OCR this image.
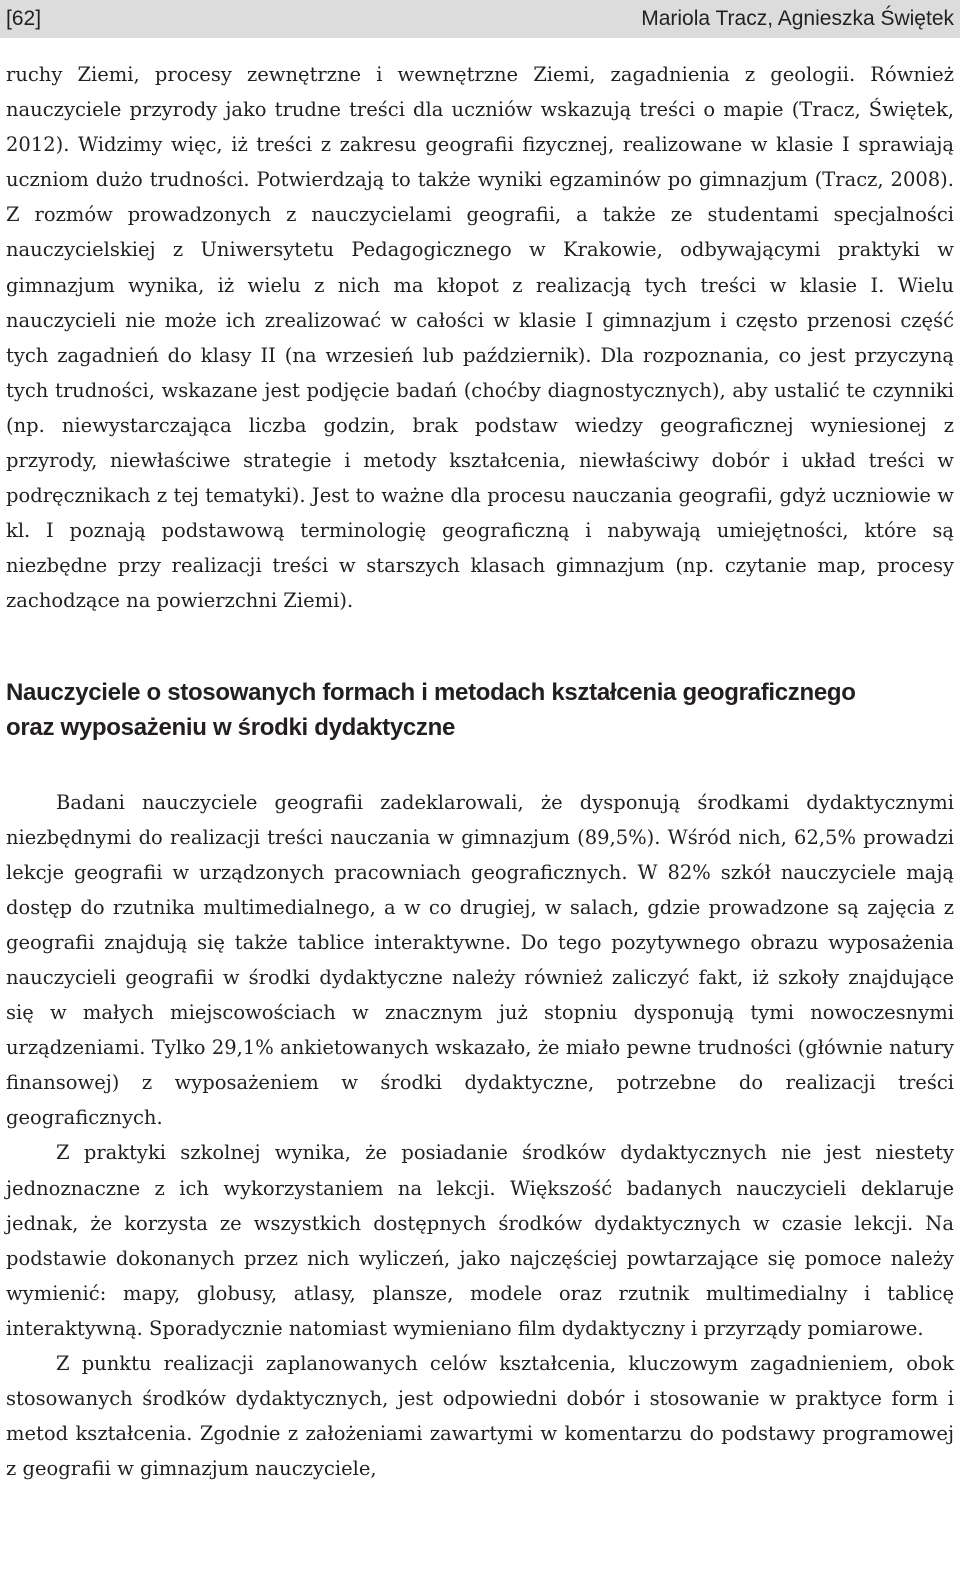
[62]	Mariola Tracz, Agnieszka Świętek

ruchy Ziemi, procesy zewnętrzne i wewnętrzne Ziemi, zagadnienia z geologii. Również nauczyciele przyrody jako trudne treści dla uczniów wskazują treści o mapie (Tracz, Świętek, 2012). Widzimy więc, iż treści z zakresu geografii fizycznej, realizowane w klasie I sprawiają uczniom dużo trudności. Potwierdzają to także wyniki egzaminów po gimnazjum (Tracz, 2008). Z rozmów prowadzonych z nauczycielami geografii, a także ze studentami specjalności nauczycielskiej z Uniwersytetu Pedagogicznego w Krakowie, odbywającymi praktyki w gimnazjum wynika, iż wielu z nich ma kłopot z realizacją tych treści w klasie I. Wielu nauczycieli nie może ich zrealizować w całości w klasie I gimnazjum i często przenosi część tych zagadnień do klasy II (na wrzesień lub październik). Dla rozpoznania, co jest przyczyną tych trudności, wskazane jest podjęcie badań (choćby diagnostycznych), aby ustalić te czynniki (np. niewystarczająca liczba godzin, brak podstaw wiedzy geograficznej wyniesionej z przyrody, niewłaściwe strategie i metody kształcenia, niewłaściwy dobór i układ treści w podręcznikach z tej tematyki). Jest to ważne dla procesu nauczania geografii, gdyż uczniowie w kl. I poznają podstawową terminologię geograficzną i nabywają umiejętności, które są niezbędne przy realizacji treści w starszych klasach gimnazjum (np. czytanie map, procesy zachodzące na powierzchni Ziemi).

Nauczyciele o stosowanych formach i metodach kształcenia geograficznego
oraz wyposażeniu w środki dydaktyczne

Badani nauczyciele geografii zadeklarowali, że dysponują środkami dydaktycznymi niezbędnymi do realizacji treści nauczania w gimnazjum (89,5%). Wśród nich, 62,5% prowadzi lekcje geografii w urządzonych pracowniach geograficznych. W 82% szkół nauczyciele mają dostęp do rzutnika multimedialnego, a w co drugiej, w salach, gdzie prowadzone są zajęcia z geografii znajdują się także tablice interaktywne. Do tego pozytywnego obrazu wyposażenia nauczycieli geografii w środki dydaktyczne należy również zaliczyć fakt, iż szkoły znajdujące się w małych miejscowościach w znacznym już stopniu dysponują tymi nowoczesnymi urządzeniami. Tylko 29,1% ankietowanych wskazało, że miało pewne trudności (głównie natury finansowej) z wyposażeniem w środki dydaktyczne, potrzebne do realizacji treści geograficznych.

Z praktyki szkolnej wynika, że posiadanie środków dydaktycznych nie jest niestety jednoznaczne z ich wykorzystaniem na lekcji. Większość badanych nauczycieli deklaruje jednak, że korzysta ze wszystkich dostępnych środków dydaktycznych w czasie lekcji. Na podstawie dokonanych przez nich wyliczeń, jako najczęściej powtarzające się pomoce należy wymienić: mapy, globusy, atlasy, plansze, modele oraz rzutnik multimedialny i tablicę interaktywną. Sporadycznie natomiast wymieniano film dydaktyczny i przyrządy pomiarowe.

Z punktu realizacji zaplanowanych celów kształcenia, kluczowym zagadnieniem, obok stosowanych środków dydaktycznych, jest odpowiedni dobór i stosowanie w praktyce form i metod kształcenia. Zgodnie z założeniami zawartymi w komentarzu do podstawy programowej z geografii w gimnazjum nauczyciele,
